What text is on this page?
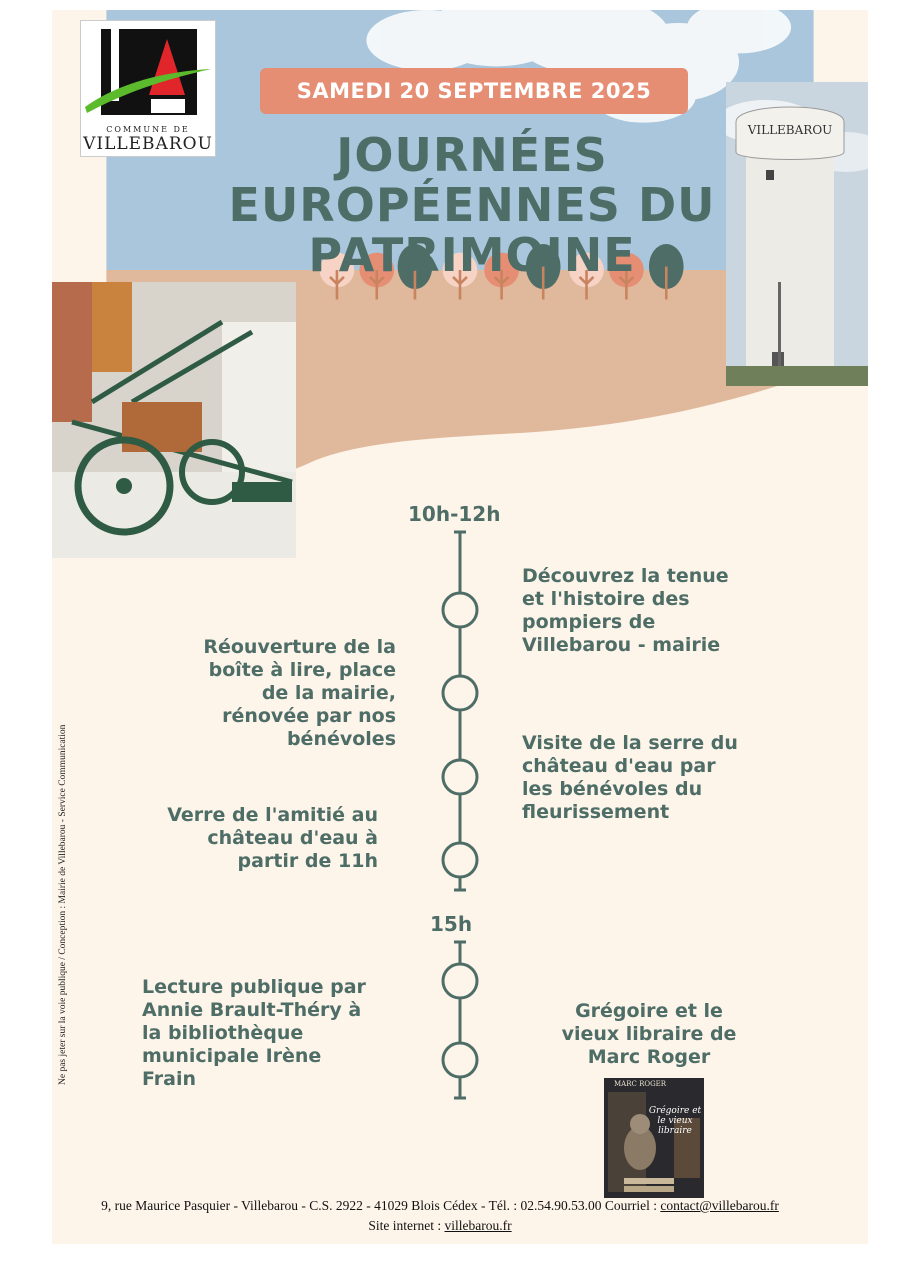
COMMUNE DE
VILLEBAROU
SAMEDI 20 SEPTEMBRE 2025
JOURNÉES
EUROPÉENNES DU
PATRIMOINE
VILLEBAROU
10h-12h
15h
Découvrez la tenue
et l'histoire des
pompiers de
Villebarou - mairie
Réouverture de la
boîte à lire, place
de la mairie,
rénovée par nos
bénévoles	Visite de la serre du
château d'eau par
les bénévoles du
fleurissement
Verre de l'amitié au
château d'eau à
partir de 11h
Lecture publique par
Annie Brault-Théry à
la bibliothèque
municipale Irène
Frain
Grégoire et le
vieux libraire de
Marc Roger
MARC ROGER
Grégoire et le vieux libraire
Ne pas jeter sur la voie publique / Conception : Mairie de Villebarou - Service Communication
9, rue Maurice Pasquier - Villebarou - C.S. 2922 - 41029 Blois Cédex - Tél. : 02.54.90.53.00 Courriel : contact@villebarou.fr
Site internet : villebarou.fr
